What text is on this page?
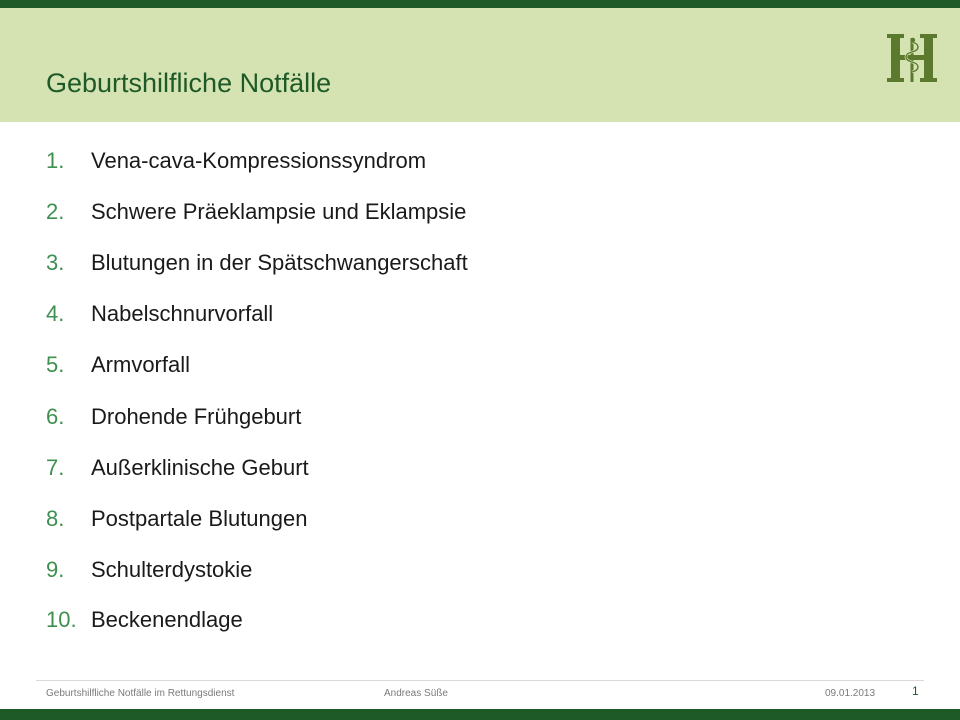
Geburtshilfliche Notfälle
1.	Vena-cava-Kompressionssyndrom
2.	Schwere Präeklampsie und Eklampsie
3.	Blutungen in der Spätschwangerschaft
4.	Nabelschnurvorfall
5.	Armvorfall
6.	Drohende Frühgeburt
7.	Außerklinische Geburt
8.	Postpartale Blutungen
9.	Schulterdystokie
10. Beckenendlage
Geburtshilfliche Notfälle im Rettungsdienst	Andreas Süße	09.01.2013	1
